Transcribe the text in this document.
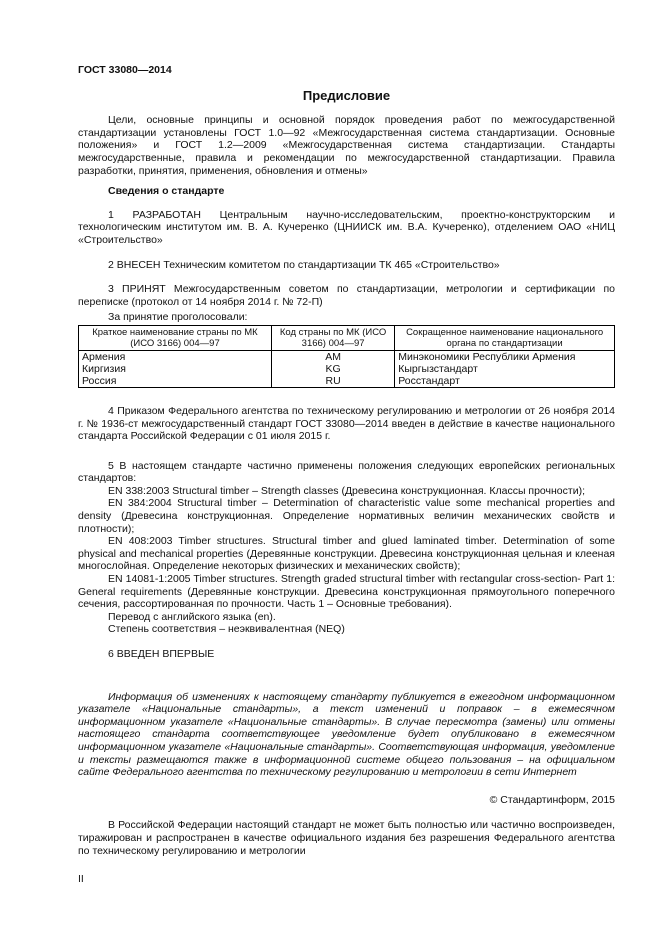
ГОСТ 33080—2014
Предисловие

Цели, основные принципы и основной порядок проведения работ по межгосударственной стандартизации установлены ГОСТ 1.0—92 «Межгосударственная система стандартизации. Основные положения» и ГОСТ 1.2—2009 «Межгосударственная система стандартизации. Стандарты межгосударственные, правила и рекомендации по межгосударственной стандартизации. Правила разработки, принятия, применения, обновления и отмены»

Сведения о стандарте

1 РАЗРАБОТАН Центральным научно-исследовательским, проектно-конструкторским и технологическим институтом им. В. А. Кучеренко (ЦНИИСК им. В.А. Кучеренко), отделением ОАО «НИЦ «Строительство»

2 ВНЕСЕН Техническим комитетом по стандартизации ТК 465 «Строительство»

3 ПРИНЯТ Межгосударственным советом по стандартизации, метрологии и сертификации по переписке (протокол от 14 ноября 2014 г. № 72-П)

За принятие проголосовали:

Краткое наименование страны по МК (ИСО 3166) 004—97	Код страны по МК (ИСО 3166) 004—97	Сокращенное наименование национального органа по стандартизации
Армения	AM	Минэкономики Республики Армения
Киргизия	KG	Кыргызстандарт
Россия	RU	Росстандарт

4 Приказом Федерального агентства по техническому регулированию и метрологии от 26 ноября 2014 г. № 1936-ст межгосударственный стандарт ГОСТ 33080—2014 введен в действие в качестве национального стандарта Российской Федерации с 01 июля 2015 г.

5 В настоящем стандарте частично применены положения следующих европейских региональных стандартов:

EN 338:2003 Structural timber – Strength classes (Древесина конструкционная. Классы прочности);

EN 384:2004 Structural timber – Determination of characteristic value some mechanical properties and density (Древесина конструкционная. Определение нормативных величин механических свойств и плотности);

EN 408:2003 Timber structures. Structural timber and glued laminated timber. Determination of some physical and mechanical properties (Деревянные конструкции. Древесина конструкционная цельная и клееная многослойная. Определение некоторых физических и механических свойств);

EN 14081-1:2005 Timber structures. Strength graded structural timber with rectangular cross-section- Part 1: General requirements (Деревянные конструкции. Древесина конструкционная прямоугольного поперечного сечения, рассортированная по прочности. Часть 1 – Основные требования).

Перевод с английского языка (en).

Степень соответствия – неэквивалентная (NEQ)

6 ВВЕДЕН ВПЕРВЫЕ

Информация об изменениях к настоящему стандарту публикуется в ежегодном информационном указателе «Национальные стандарты», а текст изменений и поправок – в ежемесячном информационном указателе «Национальные стандарты». В случае пересмотра (замены) или отмены настоящего стандарта соответствующее уведомление будет опубликовано в ежемесячном информационном указателе «Национальные стандарты». Соответствующая информация, уведомление и тексты размещаются также в информационной системе общего пользования – на официальном сайте Федерального агентства по техническому регулированию и метрологии в сети Интернет

© Стандартинформ, 2015

В Российской Федерации настоящий стандарт не может быть полностью или частично воспроизведен, тиражирован и распространен в качестве официального издания без разрешения Федерального агентства по техническому регулированию и метрологии

II
